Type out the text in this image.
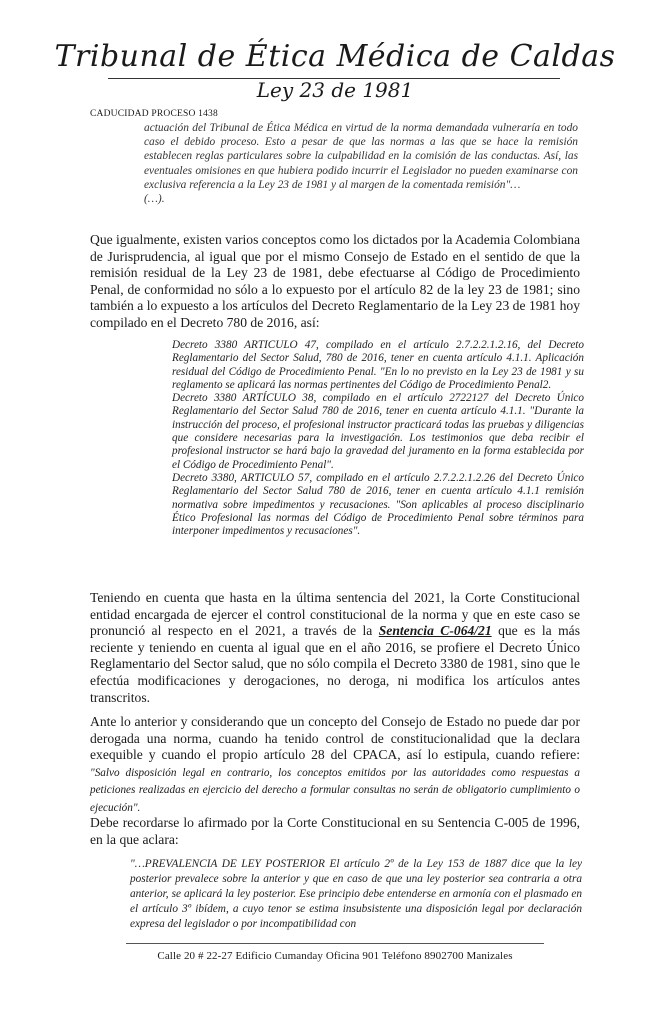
Tribunal de Ética Médica de Caldas
Ley 23 de 1981
CADUCIDAD PROCESO 1438
actuación del Tribunal de Ética Médica en virtud de la norma demandada vulneraría en todo caso el debido proceso. Esto a pesar de que las normas a las que se hace la remisión establecen reglas particulares sobre la culpabilidad en la comisión de las conductas. Así, las eventuales omisiones en que hubiera podido incurrir el Legislador no pueden examinarse con exclusiva referencia a la Ley 23 de 1981 y al margen de la comentada remisión"…
(…).
Que igualmente, existen varios conceptos como los dictados por la Academia Colombiana de Jurisprudencia, al igual que por el mismo Consejo de Estado en el sentido de que la remisión residual de la Ley 23 de 1981, debe efectuarse al Código de Procedimiento Penal, de conformidad no sólo a lo expuesto por el artículo 82 de la ley 23 de 1981; sino también a lo expuesto a los artículos del Decreto Reglamentario de la Ley 23 de 1981 hoy compilado en el Decreto 780 de 2016, así:
Decreto 3380 ARTICULO 47, compilado en el artículo 2.7.2.2.1.2.16, del Decreto Reglamentario del Sector Salud, 780 de 2016, tener en cuenta artículo 4.1.1. Aplicación residual del Código de Procedimiento Penal. "En lo no previsto en la Ley 23 de 1981 y su reglamento se aplicará las normas pertinentes del Código de Procedimiento Penal2.
Decreto 3380 ARTÍCULO 38, compilado en el artículo 2722127 del Decreto Único Reglamentario del Sector Salud 780 de 2016, tener en cuenta artículo 4.1.1. "Durante la instrucción del proceso, el profesional instructor practicará todas las pruebas y diligencias que considere necesarias para la investigación. Los testimonios que deba recibir el profesional instructor se hará bajo la gravedad del juramento en la forma establecida por el Código de Procedimiento Penal".
Decreto 3380, ARTICULO 57, compilado en el artículo 2.7.2.2.1.2.26 del Decreto Único Reglamentario del Sector Salud 780 de 2016, tener en cuenta artículo 4.1.1 remisión normativa sobre impedimentos y recusaciones. "Son aplicables al proceso disciplinario Ético Profesional las normas del Código de Procedimiento Penal sobre términos para interponer impedimentos y recusaciones".
Teniendo en cuenta que hasta en la última sentencia del 2021, la Corte Constitucional entidad encargada de ejercer el control constitucional de la norma y que en este caso se pronunció al respecto en el 2021, a través de la Sentencia C-064/21 que es la más reciente y teniendo en cuenta al igual que en el año 2016, se profiere el Decreto Único Reglamentario del Sector salud, que no sólo compila el Decreto 3380 de 1981, sino que le efectúa modificaciones y derogaciones, no deroga, ni modifica los artículos antes transcritos.
Ante lo anterior y considerando que un concepto del Consejo de Estado no puede dar por derogada una norma, cuando ha tenido control de constitucionalidad que la declara exequible y cuando el propio artículo 28 del CPACA, así lo estipula, cuando refiere: "Salvo disposición legal en contrario, los conceptos emitidos por las autoridades como respuestas a peticiones realizadas en ejercicio del derecho a formular consultas no serán de obligatorio cumplimiento o ejecución".
Debe recordarse lo afirmado por la Corte Constitucional en su Sentencia C-005 de 1996, en la que aclara:
"…PREVALENCIA DE LEY POSTERIOR El artículo 2º de la Ley 153 de 1887 dice que la ley posterior prevalece sobre la anterior y que en caso de que una ley posterior sea contraria a otra anterior, se aplicará la ley posterior. Ese principio debe entenderse en armonía con el plasmado en el artículo 3º ibídem, a cuyo tenor se estima insubsistente una disposición legal por declaración expresa del legislador o por incompatibilidad con
Calle 20 # 22-27 Edificio Cumanday Oficina 901 Teléfono 8902700 Manizales
